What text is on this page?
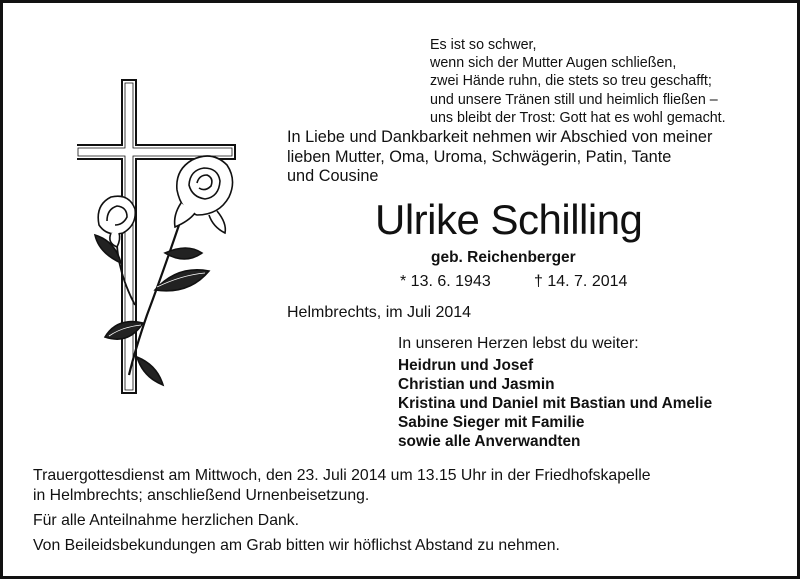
Es ist so schwer,
wenn sich der Mutter Augen schließen,
zwei Hände ruhn, die stets so treu geschafft;
und unsere Tränen still und heimlich fließen –
uns bleibt der Trost: Gott hat es wohl gemacht.
In Liebe und Dankbarkeit nehmen wir Abschied von meiner
lieben Mutter, Oma, Uroma, Schwägerin, Patin, Tante
und Cousine
Ulrike Schilling
geb. Reichenberger
* 13. 6. 1943	† 14. 7. 2014
Helmbrechts, im Juli 2014
In unseren Herzen lebst du weiter:
Heidrun und Josef
Christian und Jasmin
Kristina und Daniel mit Bastian und Amelie
Sabine Sieger mit Familie
sowie alle Anverwandten
Trauergottesdienst am Mittwoch, den 23. Juli 2014 um 13.15 Uhr in der Friedhofskapelle
in Helmbrechts; anschließend Urnenbeisetzung.
Für alle Anteilnahme herzlichen Dank.
Von Beileidsbekundungen am Grab bitten wir höflichst Abstand zu nehmen.
